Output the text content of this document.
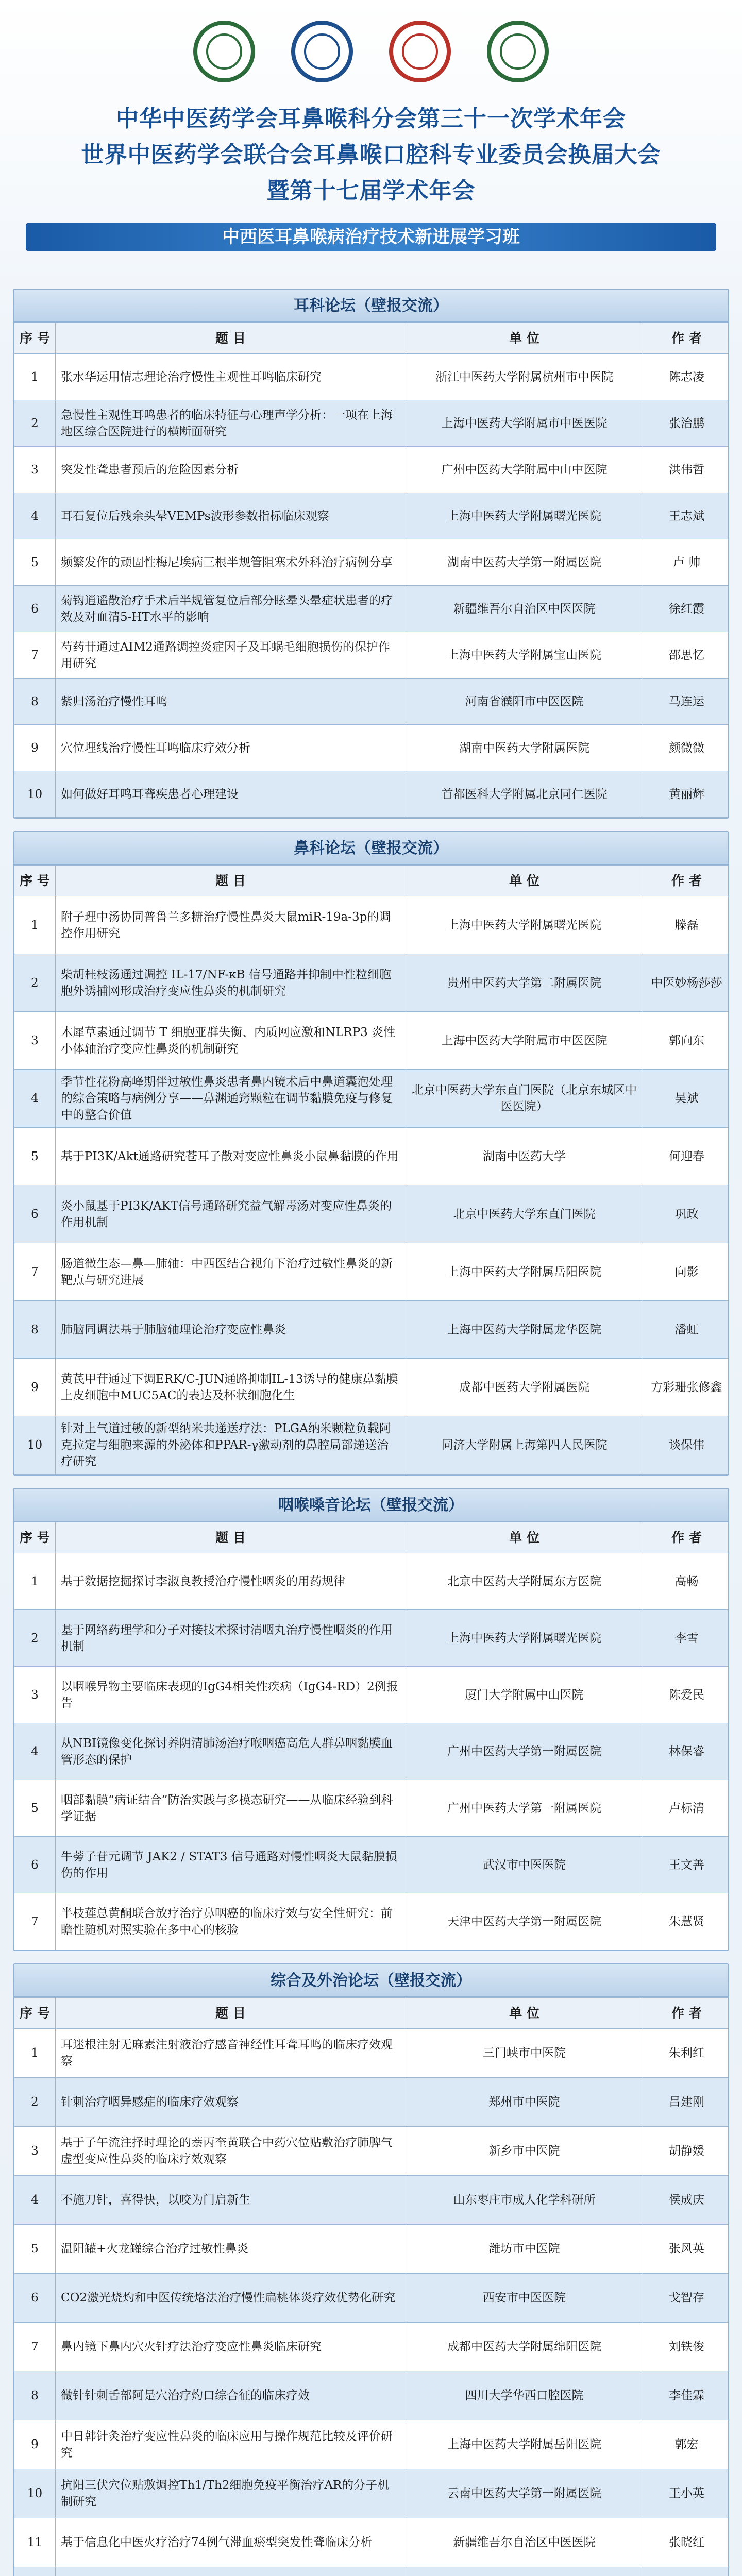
中华中医药学会耳鼻喉科分会第三十一次学术年会
世界中医药学会联合会耳鼻喉口腔科专业委员会换届大会
暨第十七届学术年会
中西医耳鼻喉病治疗技术新进展学习班
耳科论坛（壁报交流）
序 号	题 目	单 位	作 者
1	张水华运用情志理论治疗慢性主观性耳鸣临床研究	浙江中医药大学附属杭州市中医院	陈志凌
2	急慢性主观性耳鸣患者的临床特征与心理声学分析：一项在上海地区综合医院进行的横断面研究	上海中医药大学附属市中医医院	张治鹏
3	突发性聋患者预后的危险因素分析	广州中医药大学附属中山中医院	洪伟哲
4	耳石复位后残余头晕VEMPs波形参数指标临床观察	上海中医药大学附属曙光医院	王志斌
5	频繁发作的顽固性梅尼埃病三根半规管阻塞术外科治疗病例分享	湖南中医药大学第一附属医院	卢 帅
6	菊钩逍遥散治疗手术后半规管复位后部分眩晕头晕症状患者的疗效及对血清5-HT水平的影响	新疆维吾尔自治区中医医院	徐红霞
7	芍药苷通过AIM2通路调控炎症因子及耳蜗毛细胞损伤的保护作用研究	上海中医药大学附属宝山医院	邵思忆
8	紫归汤治疗慢性耳鸣	河南省濮阳市中医医院	马连运
9	穴位埋线治疗慢性耳鸣临床疗效分析	湖南中医药大学附属医院	颜微微
10	如何做好耳鸣耳聋疾患者心理建设	首都医科大学附属北京同仁医院	黄丽辉
鼻科论坛（壁报交流）
序 号	题 目	单 位	作 者
1	附子理中汤协同普鲁兰多糖治疗慢性鼻炎大鼠miR-19a-3p的调控作用研究	上海中医药大学附属曙光医院	滕磊
2	柴胡桂枝汤通过调控 IL-17/NF-κB 信号通路并抑制中性粒细胞胞外诱捕网形成治疗变应性鼻炎的机制研究	贵州中医药大学第二附属医院	中医妙杨莎莎
3	木犀草素通过调节 T 细胞亚群失衡、内质网应激和NLRP3 炎性小体轴治疗变应性鼻炎的机制研究	上海中医药大学附属市中医医院	郭向东
4	季节性花粉高峰期伴过敏性鼻炎患者鼻内镜术后中鼻道囊泡处理的综合策略与病例分享——鼻渊通窍颗粒在调节黏膜免疫与修复中的整合价值	北京中医药大学东直门医院（北京东城区中医医院）	吴斌
5	基于PI3K/Akt通路研究苍耳子散对变应性鼻炎小鼠鼻黏膜的作用	湖南中医药大学	何迎春
6	炎小鼠基于PI3K/AKT信号通路研究益气解毒汤对变应性鼻炎的作用机制	北京中医药大学东直门医院	巩政
7	肠道微生态—鼻—肺轴：中西医结合视角下治疗过敏性鼻炎的新靶点与研究进展	上海中医药大学附属岳阳医院	向影
8	肺脑同调法基于肺脑轴理论治疗变应性鼻炎	上海中医药大学附属龙华医院	潘虹
9	黄芪甲苷通过下调ERK/C-JUN通路抑制IL-13诱导的健康鼻黏膜上皮细胞中MUC5AC的表达及杯状细胞化生	成都中医药大学附属医院	方彩珊张修鑫
10	针对上气道过敏的新型纳米共递送疗法：PLGA纳米颗粒负载阿克拉定与细胞来源的外泌体和PPAR-γ激动剂的鼻腔局部递送治疗研究	同济大学附属上海第四人民医院	谈保伟
咽喉嗓音论坛（壁报交流）
序 号	题 目	单 位	作 者
1	基于数据挖掘探讨李淑良教授治疗慢性咽炎的用药规律	北京中医药大学附属东方医院	高畅
2	基于网络药理学和分子对接技术探讨清咽丸治疗慢性咽炎的作用机制	上海中医药大学附属曙光医院	李雪
3	以咽喉异物主要临床表现的IgG4相关性疾病（IgG4-RD）2例报告	厦门大学附属中山医院	陈爱民
4	从NBI镜像变化探讨养阴清肺汤治疗喉咽癌高危人群鼻咽黏膜血管形态的保护	广州中医药大学第一附属医院	林保睿
5	咽部黏膜“病证结合”防治实践与多模态研究——从临床经验到科学证据	广州中医药大学第一附属医院	卢标清
6	牛蒡子苷元调节 JAK2 / STAT3 信号通路对慢性咽炎大鼠黏膜损伤的作用	武汉市中医医院	王文善
7	半枝莲总黄酮联合放疗治疗鼻咽癌的临床疗效与安全性研究：前瞻性随机对照实验在多中心的核验	天津中医药大学第一附属医院	朱慧贤
综合及外治论坛（壁报交流）
序 号	题 目	单 位	作 者
1	耳迷根注射无麻素注射液治疗感音神经性耳聋耳鸣的临床疗效观察	三门峡市中医院	朱利红
2	针刺治疗咽异感症的临床疗效观察	郑州市中医院	吕建刚
3	基于子午流注择时理论的萘丙奎黄联合中药穴位贴敷治疗肺脾气虚型变应性鼻炎的临床疗效观察	新乡市中医院	胡静媛
4	不施刀针，喜得快，以咬为门启新生	山东枣庄市成人化学科研所	侯成庆
5	温阳罐+火龙罐综合治疗过敏性鼻炎	潍坊市中医院	张风英
6	CO2激光烧灼和中医传统烙法治疗慢性扁桃体炎疗效优势化研究	西安市中医医院	戈智存
7	鼻内镜下鼻内穴火针疗法治疗变应性鼻炎临床研究	成都中医药大学附属绵阳医院	刘铁俊
8	微针针刺舌部阿是穴治疗灼口综合征的临床疗效	四川大学华西口腔医院	李佳霖
9	中日韩针灸治疗变应性鼻炎的临床应用与操作规范比较及评价研究	上海中医药大学附属岳阳医院	郭宏
10	抗阳三伏穴位贴敷调控Th1/Th2细胞免疫平衡治疗AR的分子机制研究	云南中医药大学第一附属医院	王小英
11	基于信息化中医火疗治疗74例气滞血瘀型突发性聋临床分析	新疆维吾尔自治区中医医院	张晓红
